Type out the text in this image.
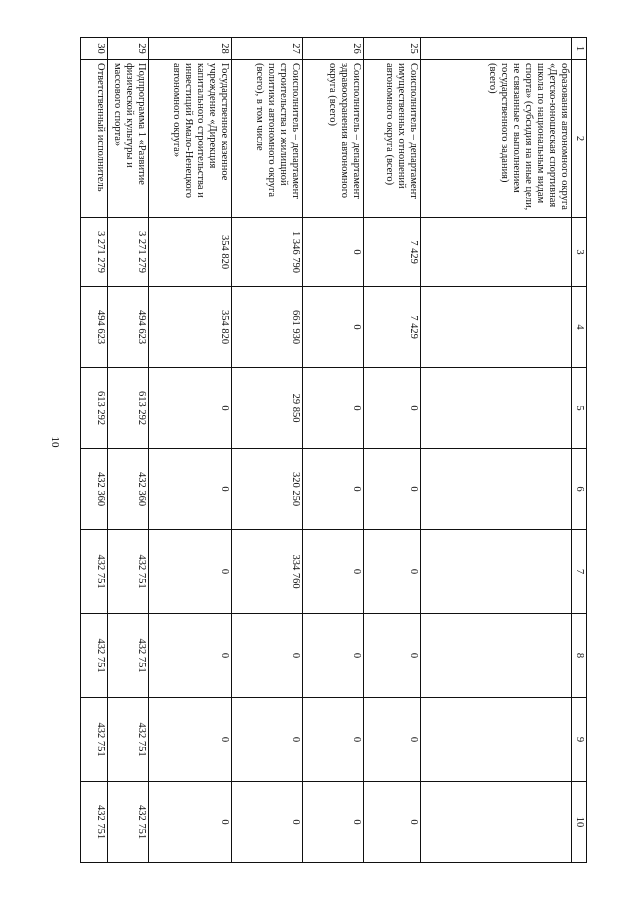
10
1	2	3	4	5	6	7	8	9	10
	образования автономного округа «Детско-юношеская спортивная школа по национальным видам спорта» (субсидия на иные цели, не связанные с выполнением государственного задания) (всего)								
25	Соисполнитель – департамент имущественных отношений автономного округа (всего)	7 429	7 429	0	0	0	0	0	0
26	Соисполнитель – департамент здравоохранения автономного округа (всего)	0	0	0	0	0	0	0	0
27	Соисполнитель – департамент строительства и жилищной политики автономного округа (всего), в том числе	1 346 790	661 930	29 850	320 250	334 760	0	0	0
28	Государственное казенное учреждение «Дирекция капитального строительства и инвестиций Ямало-Ненецкого автономного округа»	354 820	354 820	0	0	0	0	0	0
29	Подпрограмма 1 «Развитие физической культуры и массового спорта»	3 271 279	494 623	613 292	432 360	432 751	432 751	432 751	432 751
30	Ответственный исполнитель	3 271 279	494 623	613 292	432 360	432 751	432 751	432 751	432 751
